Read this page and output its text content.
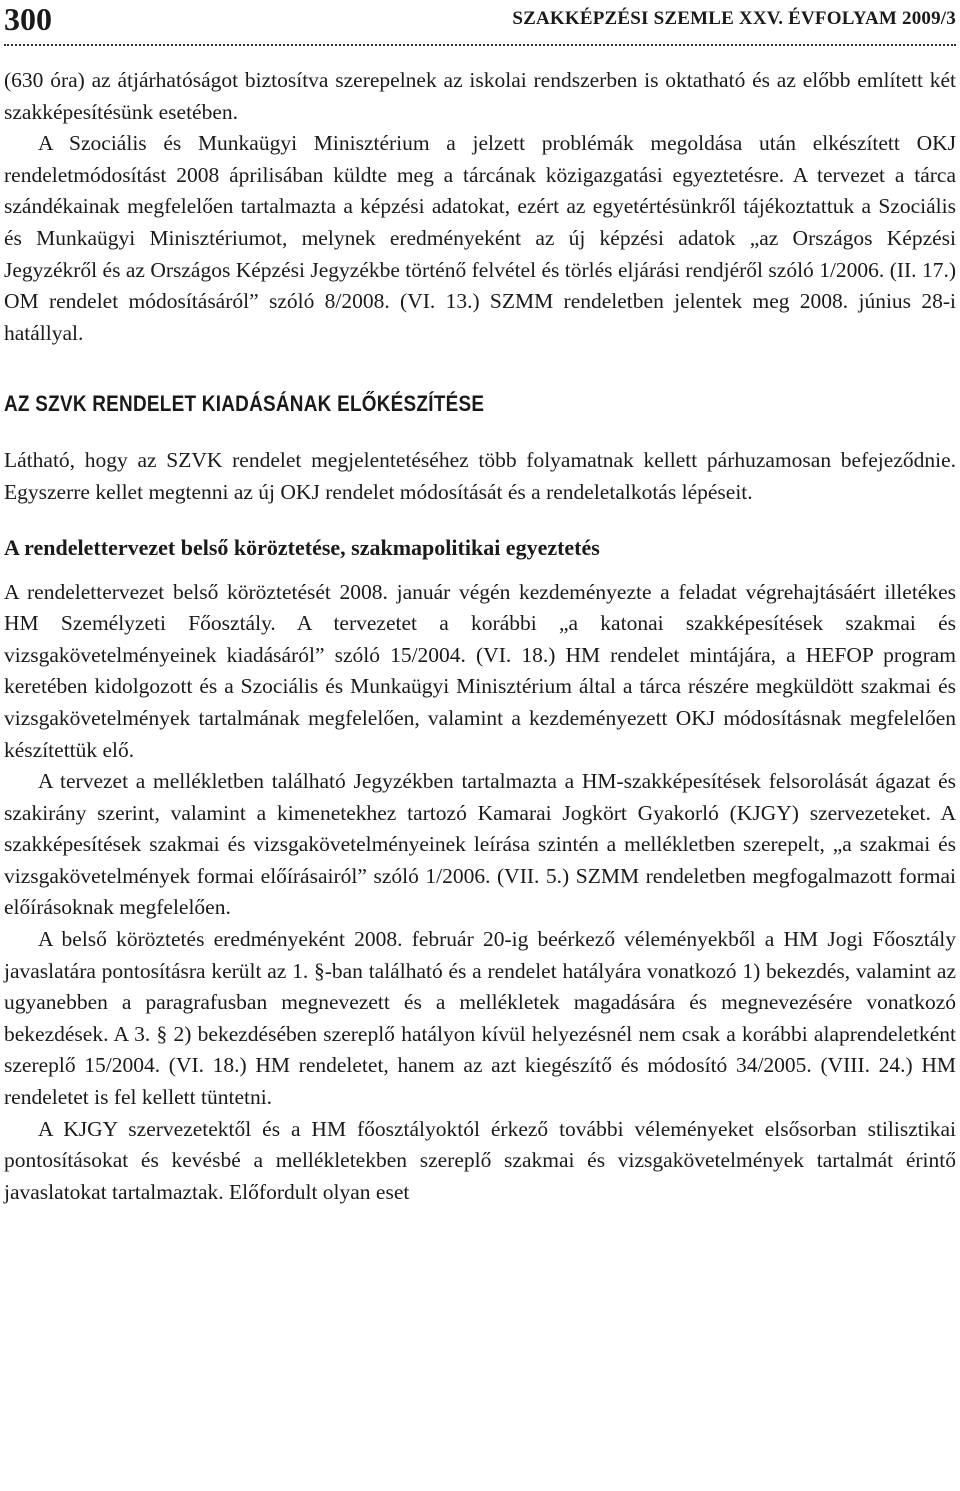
300	SZAKKÉPZÉSI SZEMLE XXV. ÉVFOLYAM 2009/3

(630 óra) az átjárhatóságot biztosítva szerepelnek az iskolai rendszerben is oktatható és az előbb említett két szakképesítésünk esetében.

A Szociális és Munkaügyi Minisztérium a jelzett problémák megoldása után elkészített OKJ rendeletmódosítást 2008 áprilisában küldte meg a tárcának közigazgatási egyeztetésre. A tervezet a tárca szándékainak megfelelően tartalmazta a képzési adatokat, ezért az egyetértésünkről tájékoztattuk a Szociális és Munkaügyi Minisztériumot, melynek eredményeként az új képzési adatok „az Országos Képzési Jegyzékről és az Országos Képzési Jegyzékbe történő felvétel és törlés eljárási rendjéről szóló 1/2006. (II. 17.) OM rendelet módosításáról” szóló 8/2008. (VI. 13.) SZMM rendeletben jelentek meg 2008. június 28-i hatállyal.

AZ SZVK RENDELET KIADÁSÁNAK ELŐKÉSZÍTÉSE

Látható, hogy az SZVK rendelet megjelentetéséhez több folyamatnak kellett párhuzamosan befejeződnie. Egyszerre kellet megtenni az új OKJ rendelet módosítását és a rendeletalkotás lépéseit.

A rendelettervezet belső köröztetése, szakmapolitikai egyeztetés

A rendelettervezet belső köröztetését 2008. január végén kezdeményezte a feladat végrehajtásáért illetékes HM Személyzeti Főosztály. A tervezetet a korábbi „a katonai szakképesítések szakmai és vizsgakövetelményeinek kiadásáról” szóló 15/2004. (VI. 18.) HM rendelet mintájára, a HEFOP program keretében kidolgozott és a Szociális és Munkaügyi Minisztérium által a tárca részére megküldött szakmai és vizsgakövetelmények tartalmának megfelelően, valamint a kezdeményezett OKJ módosításnak megfelelően készítettük elő.

A tervezet a mellékletben található Jegyzékben tartalmazta a HM-szakképesítések felsorolását ágazat és szakirány szerint, valamint a kimenetekhez tartozó Kamarai Jogkört Gyakorló (KJGY) szervezeteket. A szakképesítések szakmai és vizsgakövetelményeinek leírása szintén a mellékletben szerepelt, „a szakmai és vizsgakövetelmények formai előírásairól” szóló 1/2006. (VII. 5.) SZMM rendeletben megfogalmazott formai előírásoknak megfelelően.

A belső köröztetés eredményeként 2008. február 20-ig beérkező véleményekből a HM Jogi Főosztály javaslatára pontosításra került az 1. §-ban található és a rendelet hatályára vonatkozó 1) bekezdés, valamint az ugyanebben a paragrafusban megnevezett és a mellékletek magadására és megnevezésére vonatkozó bekezdések. A 3. § 2) bekezdésében szereplő hatályon kívül helyezésnél nem csak a korábbi alaprendeletként szereplő 15/2004. (VI. 18.) HM rendeletet, hanem az azt kiegészítő és módosító 34/2005. (VIII. 24.) HM rendeletet is fel kellett tüntetni.

A KJGY szervezetektől és a HM főosztályoktól érkező további véleményeket elsősorban stilisztikai pontosításokat és kevésbé a mellékletekben szereplő szakmai és vizsgakövetelmények tartalmát érintő javaslatokat tartalmaztak. Előfordult olyan eset
